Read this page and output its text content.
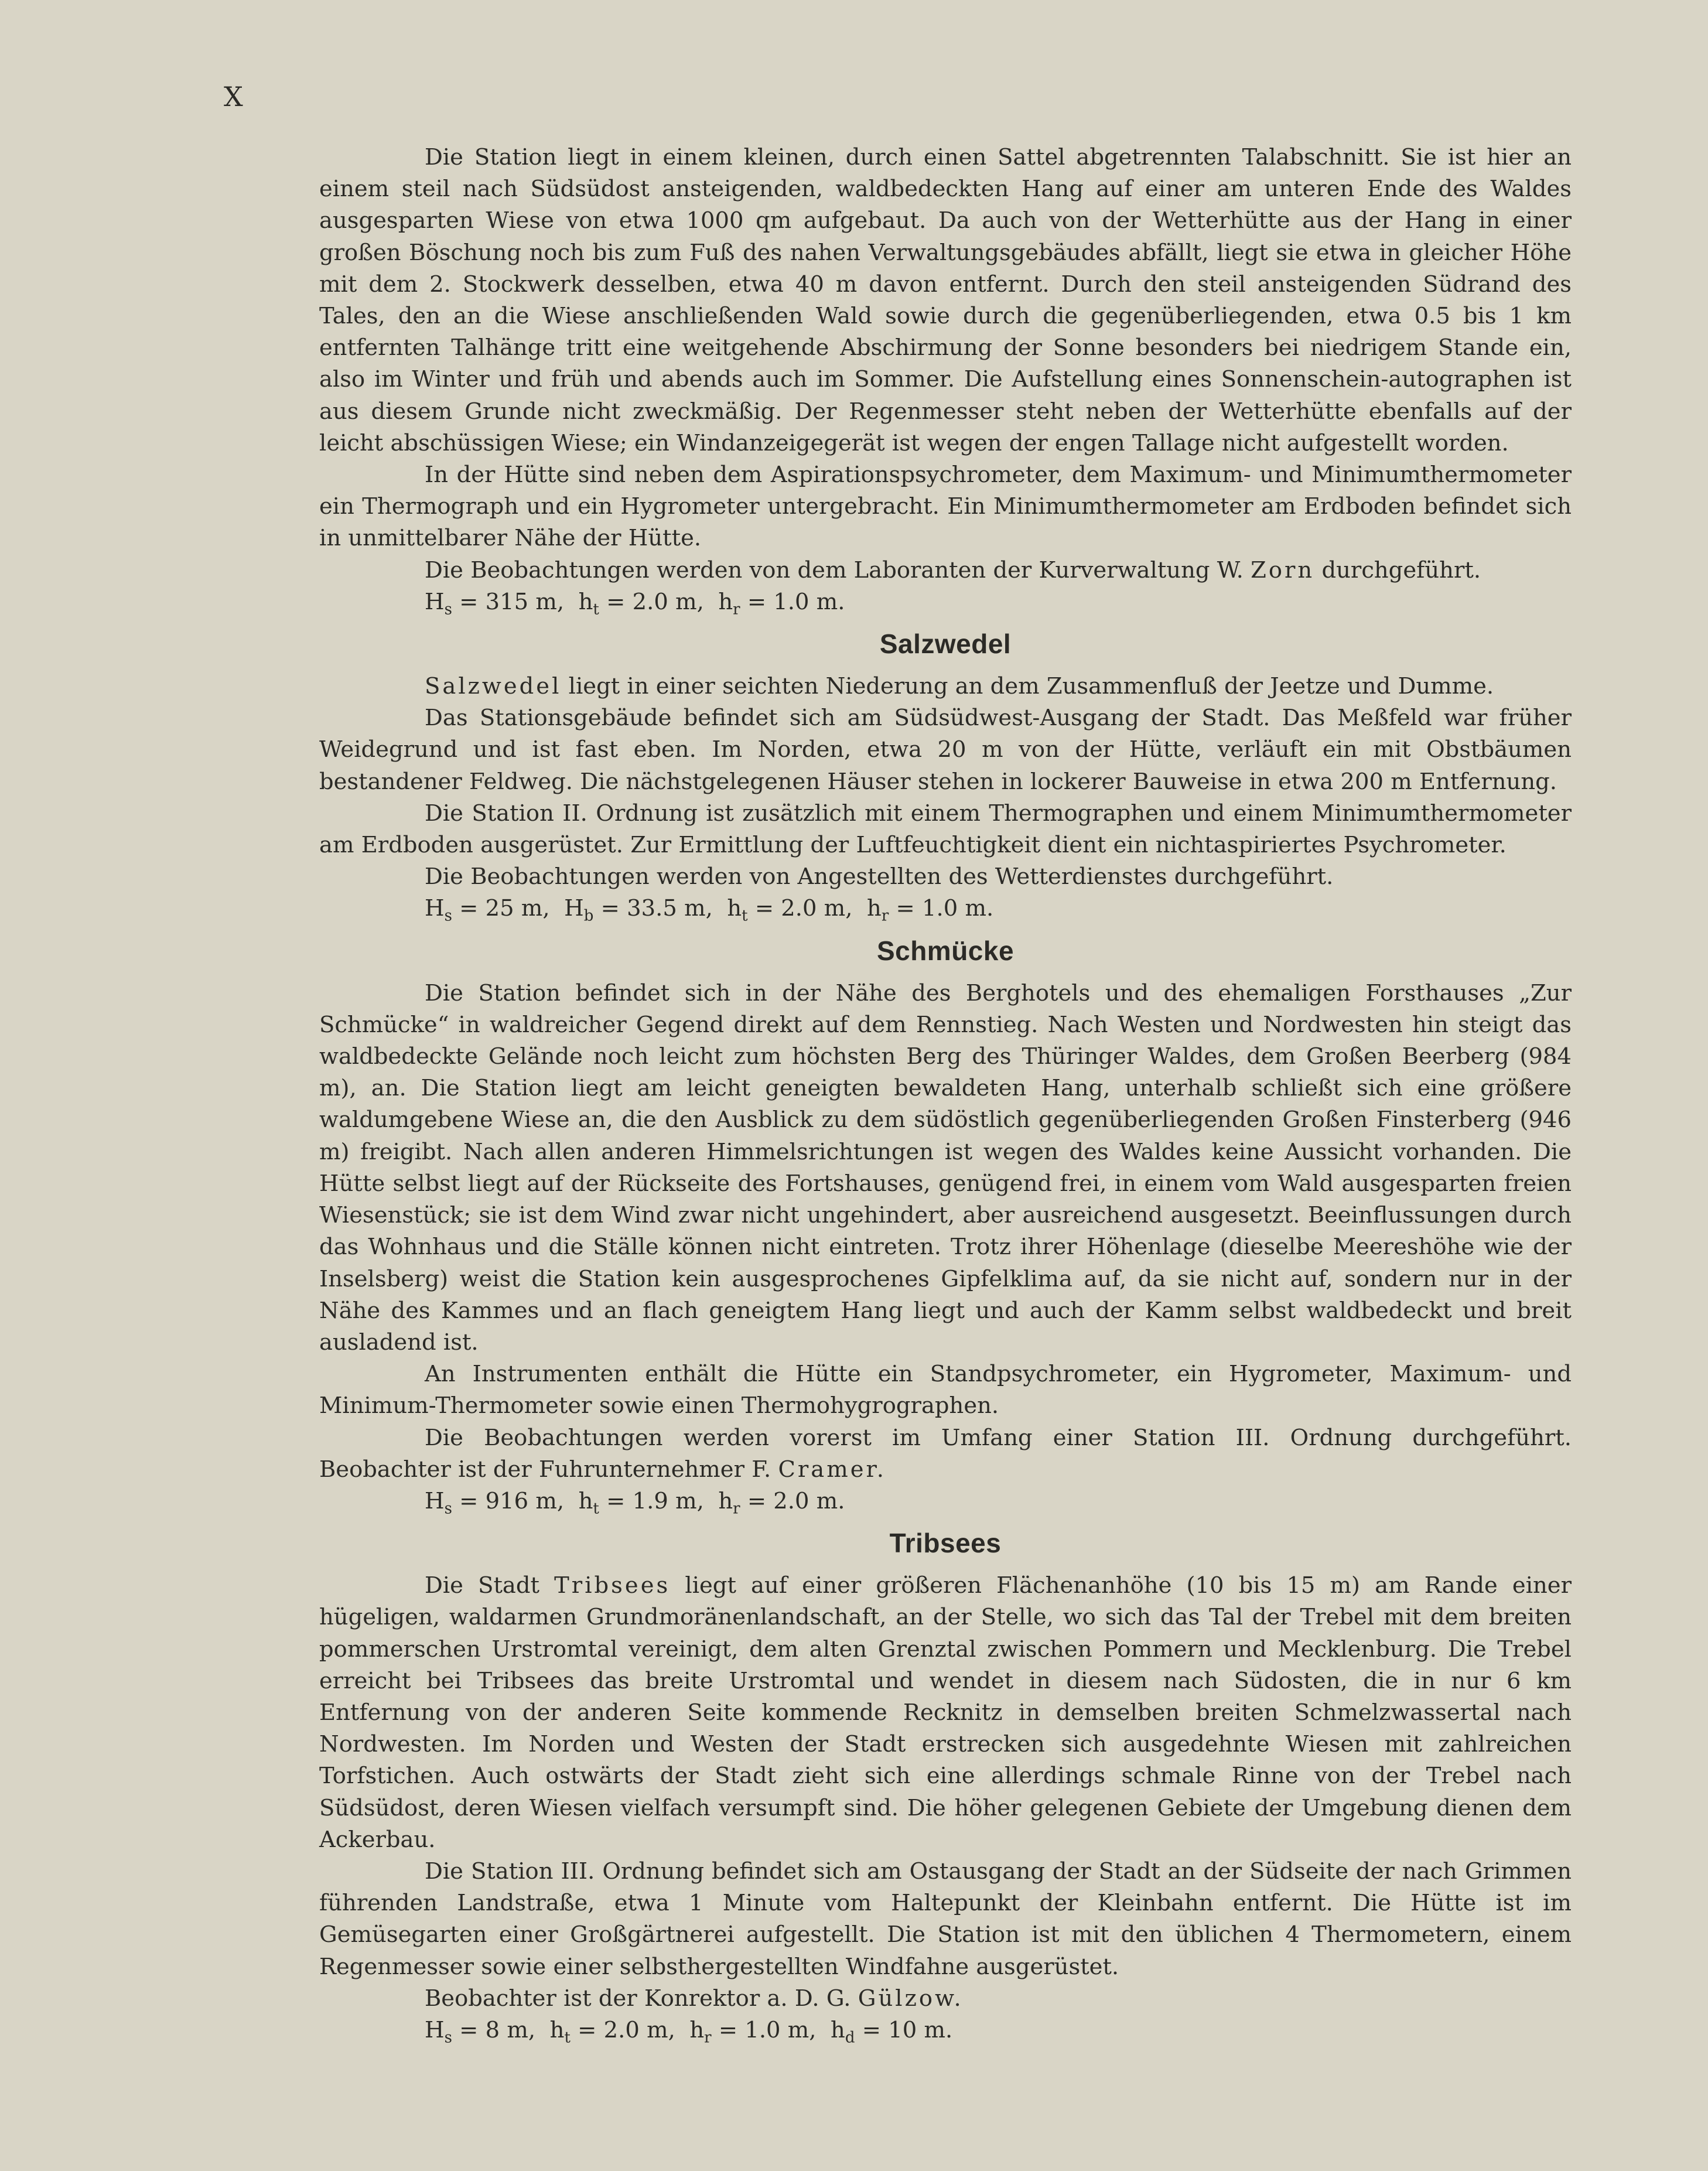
X

Die Station liegt in einem kleinen, durch einen Sattel abgetrennten Talabschnitt. Sie ist hier an einem steil nach Südsüdost ansteigenden, waldbedeckten Hang auf einer am unteren Ende des Waldes ausgesparten Wiese von etwa 1000 qm aufgebaut. Da auch von der Wetterhütte aus der Hang in einer großen Böschung noch bis zum Fuß des nahen Verwaltungsgebäudes abfällt, liegt sie etwa in gleicher Höhe mit dem 2. Stockwerk desselben, etwa 40 m davon entfernt. Durch den steil ansteigenden Südrand des Tales, den an die Wiese anschließenden Wald sowie durch die gegenüberliegenden, etwa 0.5 bis 1 km entfernten Talhänge tritt eine weitgehende Abschirmung der Sonne besonders bei niedrigem Stande ein, also im Winter und früh und abends auch im Sommer. Die Aufstellung eines Sonnenschein-autographen ist aus diesem Grunde nicht zweckmäßig. Der Regenmesser steht neben der Wetterhütte ebenfalls auf der leicht abschüssigen Wiese; ein Windanzeigegerät ist wegen der engen Tallage nicht aufgestellt worden.

In der Hütte sind neben dem Aspirationspsychrometer, dem Maximum- und Minimumthermometer ein Thermograph und ein Hygrometer untergebracht. Ein Minimumthermometer am Erdboden befindet sich in unmittelbarer Nähe der Hütte.

Die Beobachtungen werden von dem Laboranten der Kurverwaltung W. Zorn durchgeführt.

$H_s = 315$ m, $h_t = 2.0$ m, $h_r = 1.0$ m.

Salzwedel

Salzwedel liegt in einer seichten Niederung an dem Zusammenfluß der Jeetze und Dumme.

Das Stationsgebäude befindet sich am Südsüdwest-Ausgang der Stadt. Das Meßfeld war früher Weidegrund und ist fast eben. Im Norden, etwa 20 m von der Hütte, verläuft ein mit Obstbäumen bestandener Feldweg. Die nächstgelegenen Häuser stehen in lockerer Bauweise in etwa 200 m Entfernung.

Die Station II. Ordnung ist zusätzlich mit einem Thermographen und einem Minimumthermometer am Erdboden ausgerüstet. Zur Ermittlung der Luftfeuchtigkeit dient ein nichtaspiriertes Psychrometer.

Die Beobachtungen werden von Angestellten des Wetterdienstes durchgeführt.

$H_s = 25$ m, $H_b = 33.5$ m, $h_t = 2.0$ m, $h_r = 1.0$ m.

Schmücke

Die Station befindet sich in der Nähe des Berghotels und des ehemaligen Forsthauses „Zur Schmücke“ in waldreicher Gegend direkt auf dem Rennstieg. Nach Westen und Nordwesten hin steigt das waldbedeckte Gelände noch leicht zum höchsten Berg des Thüringer Waldes, dem Großen Beerberg (984 m), an. Die Station liegt am leicht geneigten bewaldeten Hang, unterhalb schließt sich eine größere waldumgebene Wiese an, die den Ausblick zu dem südöstlich gegenüberliegenden Großen Finsterberg (946 m) freigibt. Nach allen anderen Himmelsrichtungen ist wegen des Waldes keine Aussicht vorhanden. Die Hütte selbst liegt auf der Rückseite des Fortshauses, genügend frei, in einem vom Wald ausgesparten freien Wiesenstück; sie ist dem Wind zwar nicht ungehindert, aber ausreichend ausgesetzt. Beeinflussungen durch das Wohnhaus und die Ställe können nicht eintreten. Trotz ihrer Höhenlage (dieselbe Meereshöhe wie der Inselsberg) weist die Station kein ausgesprochenes Gipfelklima auf, da sie nicht auf, sondern nur in der Nähe des Kammes und an flach geneigtem Hang liegt und auch der Kamm selbst waldbedeckt und breit ausladend ist.

An Instrumenten enthält die Hütte ein Standpsychrometer, ein Hygrometer, Maximum- und Minimum-Thermometer sowie einen Thermohygrographen.

Die Beobachtungen werden vorerst im Umfang einer Station III. Ordnung durchgeführt. Beobachter ist der Fuhrunternehmer F. Cramer.

$H_s = 916$ m, $h_t = 1.9$ m, $h_r = 2.0$ m.

Tribsees

Die Stadt Tribsees liegt auf einer größeren Flächenanhöhe (10 bis 15 m) am Rande einer hügeligen, waldarmen Grundmoränenlandschaft, an der Stelle, wo sich das Tal der Trebel mit dem breiten pommerschen Urstromtal vereinigt, dem alten Grenztal zwischen Pommern und Mecklenburg. Die Trebel erreicht bei Tribsees das breite Urstromtal und wendet in diesem nach Südosten, die in nur 6 km Entfernung von der anderen Seite kommende Recknitz in demselben breiten Schmelzwassertal nach Nordwesten. Im Norden und Westen der Stadt erstrecken sich ausgedehnte Wiesen mit zahlreichen Torfstichen. Auch ostwärts der Stadt zieht sich eine allerdings schmale Rinne von der Trebel nach Südsüdost, deren Wiesen vielfach versumpft sind. Die höher gelegenen Gebiete der Umgebung dienen dem Ackerbau.

Die Station III. Ordnung befindet sich am Ostausgang der Stadt an der Südseite der nach Grimmen führenden Landstraße, etwa 1 Minute vom Haltepunkt der Kleinbahn entfernt. Die Hütte ist im Gemüsegarten einer Großgärtnerei aufgestellt. Die Station ist mit den üblichen 4 Thermometern, einem Regenmesser sowie einer selbsthergestellten Windfahne ausgerüstet.

Beobachter ist der Konrektor a. D. G. Gülzow.

$H_s = 8$ m, $h_t = 2.0$ m, $h_r = 1.0$ m, $h_d = 10$ m.
